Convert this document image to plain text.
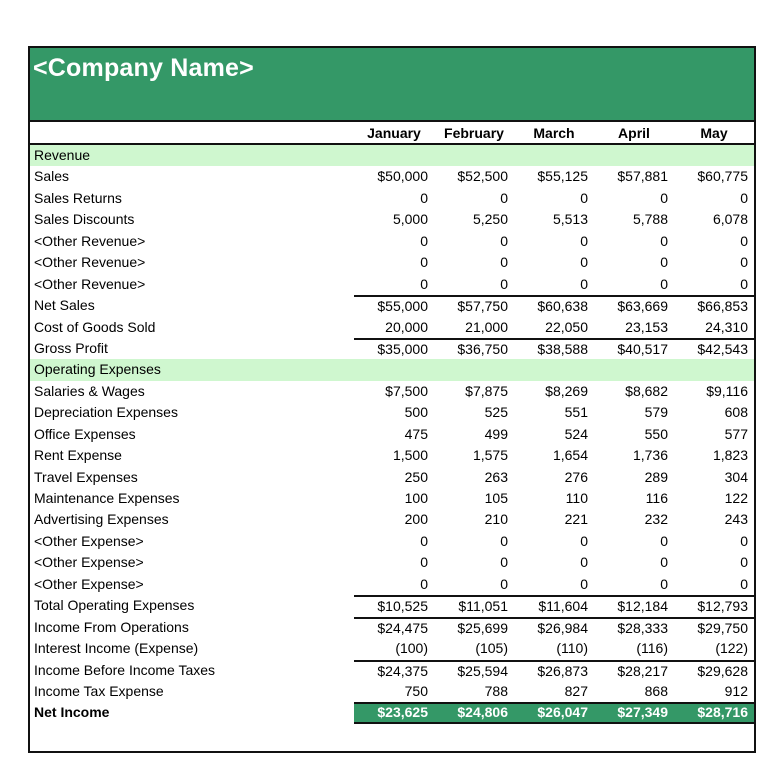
<Company Name>
January	February	March	April	May
Revenue
Sales	$50,000	$52,500	$55,125	$57,881	$60,775
Sales Returns	0	0	0	0	0
Sales Discounts	5,000	5,250	5,513	5,788	6,078
<Other Revenue>	0	0	0	0	0
<Other Revenue>	0	0	0	0	0
<Other Revenue>	0	0	0	0	0
Net Sales	$55,000	$57,750	$60,638	$63,669	$66,853
Cost of Goods Sold	20,000	21,000	22,050	23,153	24,310
Gross Profit	$35,000	$36,750	$38,588	$40,517	$42,543
Operating Expenses
Salaries & Wages	$7,500	$7,875	$8,269	$8,682	$9,116
Depreciation Expenses	500	525	551	579	608
Office Expenses	475	499	524	550	577
Rent Expense	1,500	1,575	1,654	1,736	1,823
Travel Expenses	250	263	276	289	304
Maintenance Expenses	100	105	110	116	122
Advertising Expenses	200	210	221	232	243
<Other Expense>	0	0	0	0	0
<Other Expense>	0	0	0	0	0
<Other Expense>	0	0	0	0	0
Total Operating Expenses	$10,525	$11,051	$11,604	$12,184	$12,793
Income From Operations	$24,475	$25,699	$26,984	$28,333	$29,750
Interest Income (Expense)	(100)	(105)	(110)	(116)	(122)
Income Before Income Taxes	$24,375	$25,594	$26,873	$28,217	$29,628
Income Tax Expense	750	788	827	868	912
Net Income	$23,625	$24,806	$26,047	$27,349	$28,716
